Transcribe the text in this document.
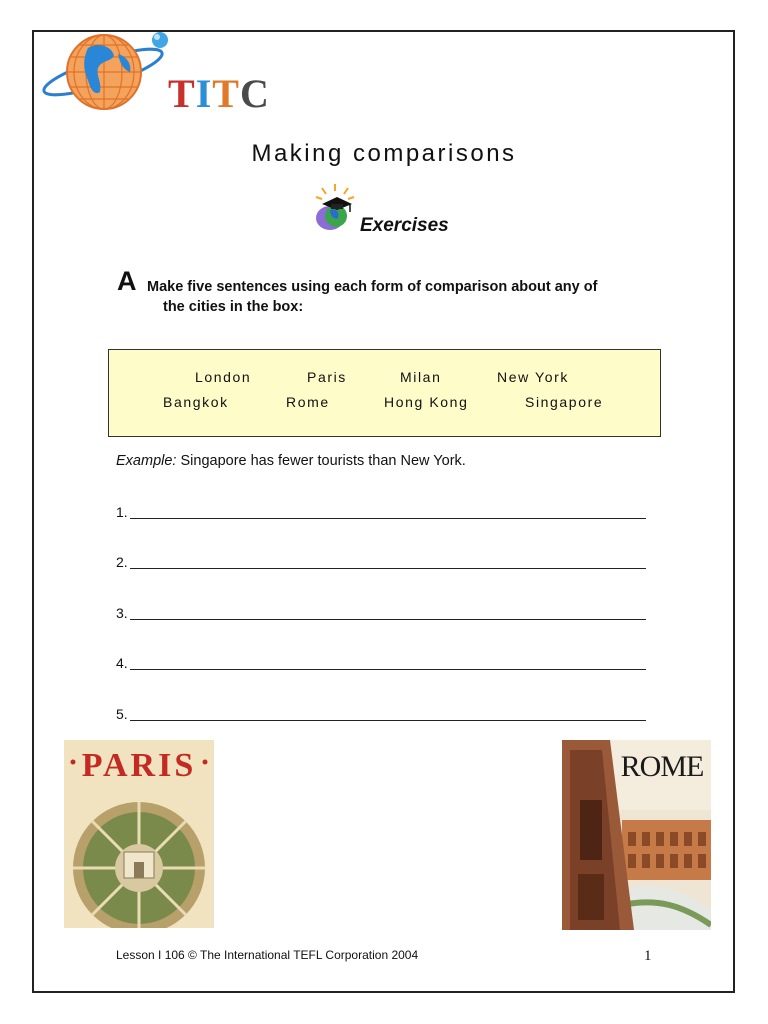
TITC
Making comparisons
Exercises
A Make five sentences using each form of comparison about any of
the cities in the box:
London	Paris	Milan	New York
Bangkok	Rome	Hong Kong	Singapore
Example: Singapore has fewer tourists than New York.
1.
2.
3.
4.
5.
PARIS	ROME
Lesson I 106 © The International TEFL Corporation 2004	1
